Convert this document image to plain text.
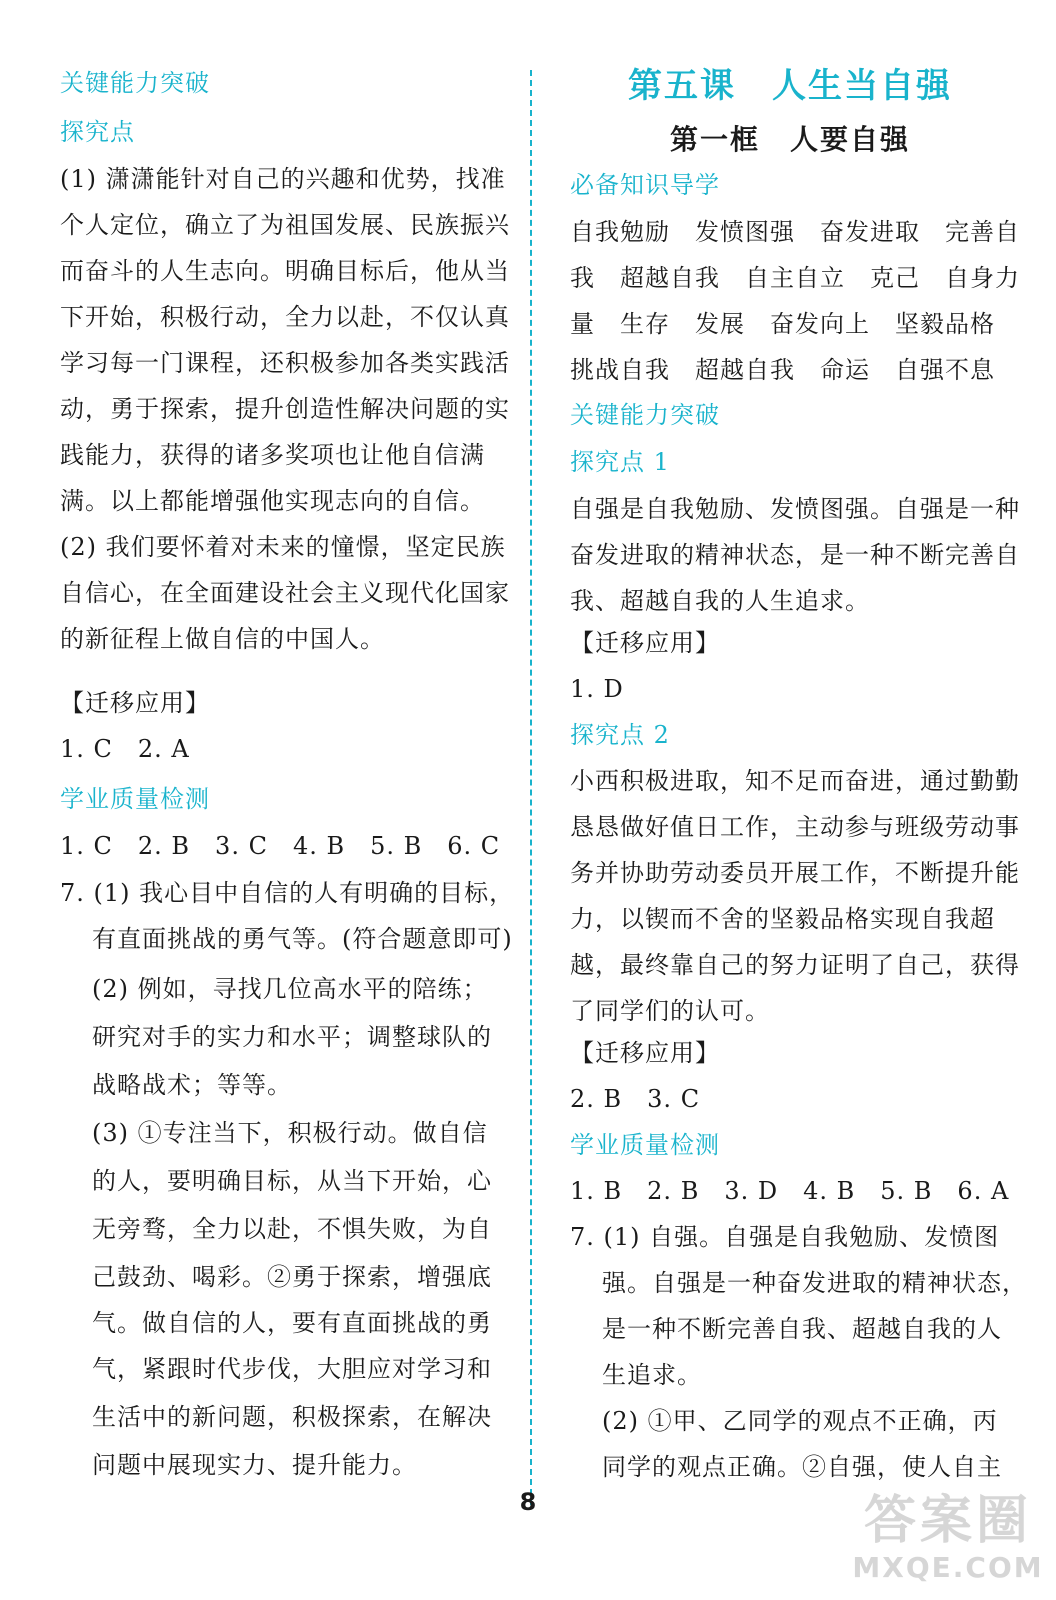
关键能力突破
探究点
(1) 潇潇能针对自己的兴趣和优势，找准
个人定位，确立了为祖国发展、民族振兴
而奋斗的人生志向。明确目标后，他从当
下开始，积极行动，全力以赴，不仅认真
学习每一门课程，还积极参加各类实践活
动，勇于探索，提升创造性解决问题的实
践能力，获得的诸多奖项也让他自信满
满。以上都能增强他实现志向的自信。
(2) 我们要怀着对未来的憧憬，坚定民族
自信心，在全面建设社会主义现代化国家
的新征程上做自信的中国人。
【迁移应用】
1. C　2. A
学业质量检测
1. C　2. B　3. C　4. B　5. B　6. C
7. (1) 我心目中自信的人有明确的目标，
有直面挑战的勇气等。(符合题意即可)
(2) 例如，寻找几位高水平的陪练；
研究对手的实力和水平；调整球队的
战略战术；等等。
(3) ①专注当下，积极行动。做自信
的人，要明确目标，从当下开始，心
无旁骛，全力以赴，不惧失败，为自
己鼓劲、喝彩。②勇于探索，增强底
气。做自信的人，要有直面挑战的勇
气，紧跟时代步伐，大胆应对学习和
生活中的新问题，积极探索，在解决
问题中展现实力、提升能力。
第五课　人生当自强
第一框　人要自强
必备知识导学
自我勉励　发愤图强　奋发进取　完善自
我　超越自我　自主自立　克己　自身力
量　生存　发展　奋发向上　坚毅品格
挑战自我　超越自我　命运　自强不息
关键能力突破
探究点 1
自强是自我勉励、发愤图强。自强是一种
奋发进取的精神状态，是一种不断完善自
我、超越自我的人生追求。
【迁移应用】
1. D
探究点 2
小西积极进取，知不足而奋进，通过勤勤
恳恳做好值日工作，主动参与班级劳动事
务并协助劳动委员开展工作，不断提升能
力，以锲而不舍的坚毅品格实现自我超
越，最终靠自己的努力证明了自己，获得
了同学们的认可。
【迁移应用】
2. B　3. C
学业质量检测
1. B　2. B　3. D　4. B　5. B　6. A
7. (1) 自强。自强是自我勉励、发愤图
强。自强是一种奋发进取的精神状态，
是一种不断完善自我、超越自我的人
生追求。
(2) ①甲、乙同学的观点不正确，丙
同学的观点正确。②自强，使人自主
8	答案圈
MXQE.COM
